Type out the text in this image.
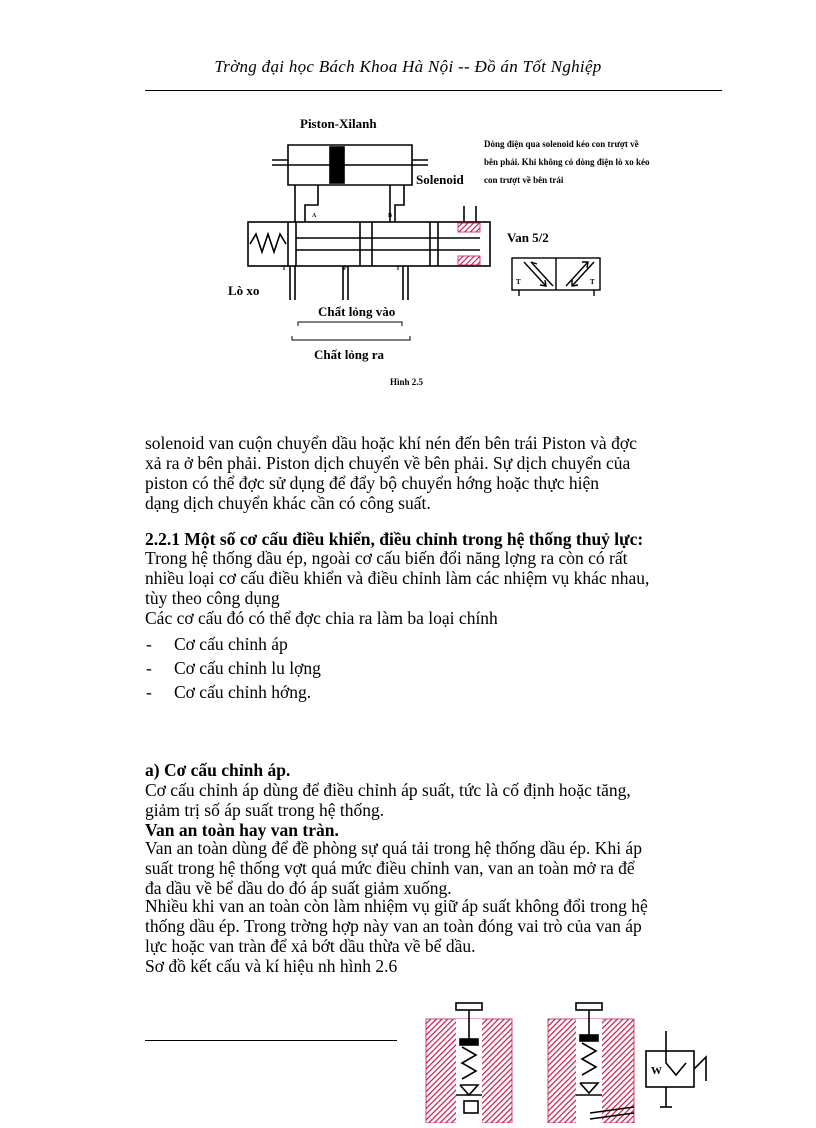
Trờng đại học Bách Khoa Hà Nội -- Đồ án Tốt Nghiệp
Piston-Xilanh
Solenoid
Dòng điện qua solenoid kéo con trượt về bên phải. Khi không có dòng điện lò xo kéo con trượt về bên trái
Van 5/2
Lò xo
Chất lỏng vào
Chất lỏng ra
A	B
T	P	T
T	T
Hình 2.5
solenoid van cuộn chuyển dầu hoặc khí nén đến bên trái Piston và đợc
xả ra ở bên phải. Piston dịch chuyển về bên phải. Sự dịch chuyển của
piston có thể đợc sử dụng để đẩy bộ chuyển hớng hoặc thực hiện
dạng dịch chuyển khác cần có công suất.
2.2.1 Một số cơ cấu điều khiển, điều chỉnh trong hệ thống thuỷ lực:
Trong hệ thống dầu ép, ngoài cơ cấu biến đổi năng lợng ra còn có rất
nhiều loại cơ cấu điều khiển và điều chỉnh làm các nhiệm vụ khác nhau,
tùy theo công dụng
Các cơ cấu đó có thể đợc chia ra làm ba loại chính
-	Cơ cấu chỉnh áp
-	Cơ cấu chỉnh lu lợng
-	Cơ cấu chỉnh hớng.
a) Cơ cấu chỉnh áp.
Cơ cấu chỉnh áp dùng để điều chỉnh áp suất, tức là cố định hoặc tăng,
giảm trị số áp suất trong hệ thống.
Van an toàn hay van tràn.
Van an toàn dùng để đề phòng sự quá tải trong hệ thống dầu ép. Khi áp
suất trong hệ thống vợt quá mức điều chỉnh van, van an toàn mở ra để
đa dầu về bể dầu do đó áp suất giảm xuống.
Nhiều khi van an toàn còn làm nhiệm vụ giữ áp suất không đổi trong hệ
thống dầu ép. Trong trờng hợp này van an toàn đóng vai trò của van áp
lực hoặc van tràn để xả bớt dầu thừa về bể dầu.
Sơ đồ kết cấu và kí hiệu nh hình 2.6
W
